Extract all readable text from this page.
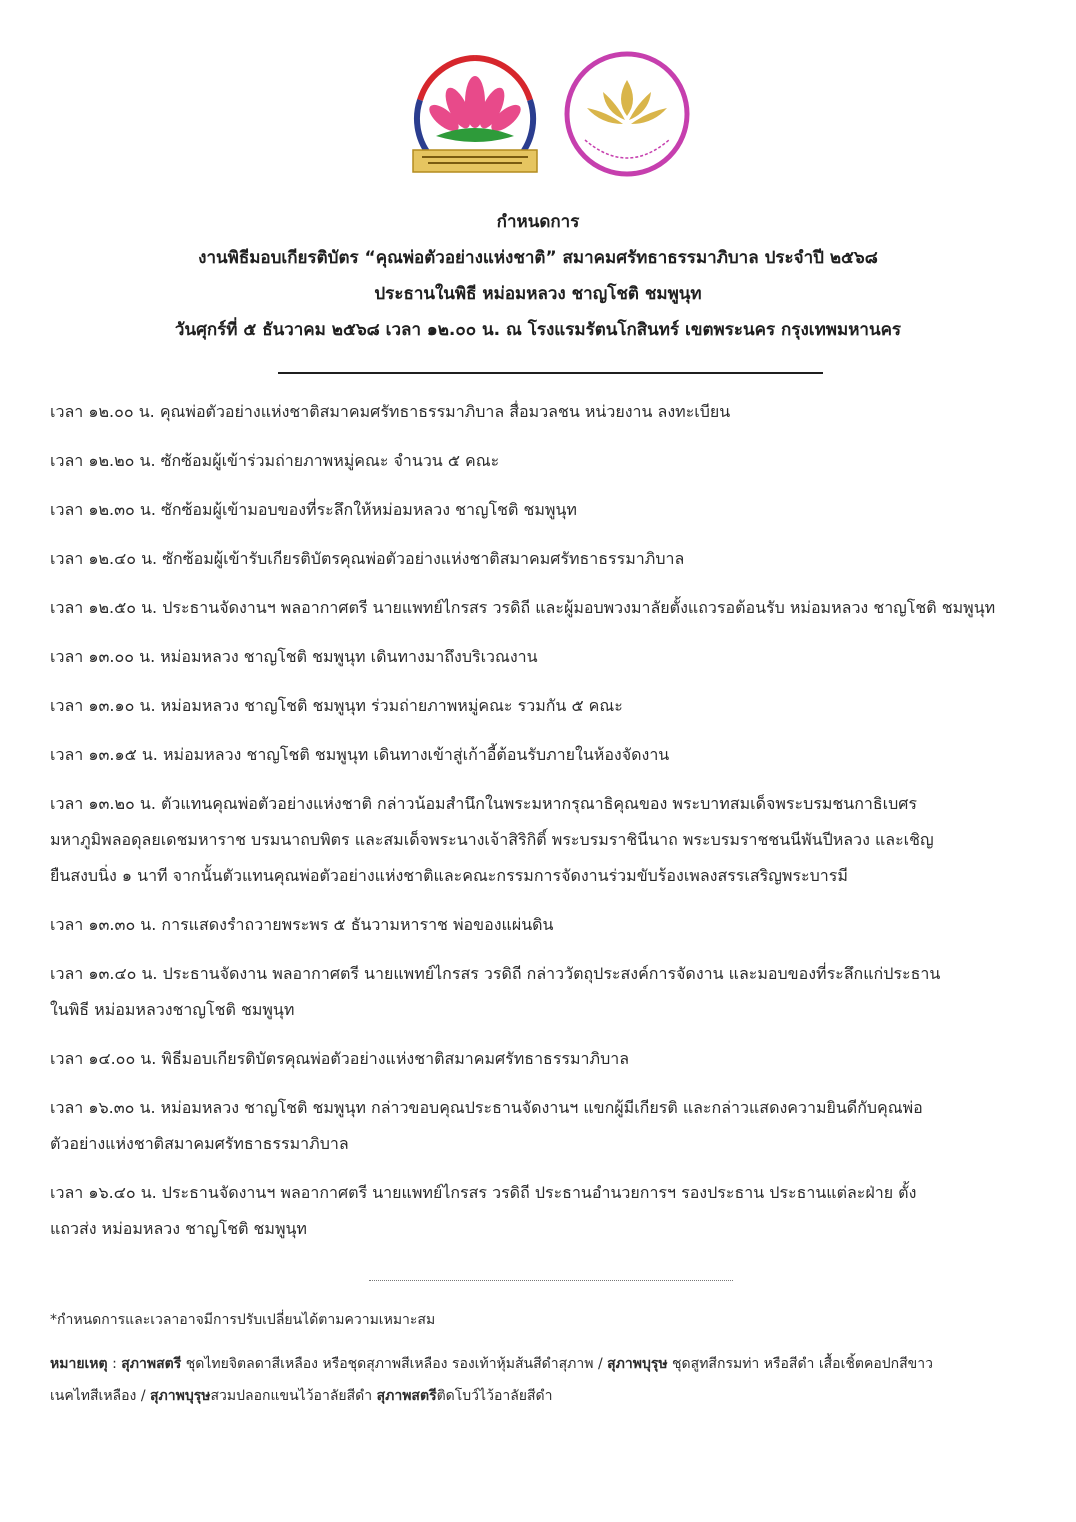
กำหนดการ
งานพิธีมอบเกียรติบัตร “คุณพ่อตัวอย่างแห่งชาติ” สมาคมศรัทธาธรรมาภิบาล ประจำปี ๒๕๖๘
ประธานในพิธี หม่อมหลวง ชาญโชติ ชมพูนุท
วันศุกร์ที่ ๕ ธันวาคม ๒๕๖๘ เวลา ๑๒.๐๐ น. ณ โรงแรมรัตนโกสินทร์ เขตพระนคร กรุงเทพมหานคร
เวลา ๑๒.๐๐ น. คุณพ่อตัวอย่างแห่งชาติสมาคมศรัทธาธรรมาภิบาล สื่อมวลชน หน่วยงาน ลงทะเบียน
เวลา ๑๒.๒๐ น. ซักซ้อมผู้เข้าร่วมถ่ายภาพหมู่คณะ จำนวน ๕ คณะ
เวลา ๑๒.๓๐ น. ซักซ้อมผู้เข้ามอบของที่ระลึกให้หม่อมหลวง ชาญโชติ ชมพูนุท
เวลา ๑๒.๔๐ น. ซักซ้อมผู้เข้ารับเกียรติบัตรคุณพ่อตัวอย่างแห่งชาติสมาคมศรัทธาธรรมาภิบาล
เวลา ๑๒.๕๐ น. ประธานจัดงานฯ พลอากาศตรี นายแพทย์ไกรสร วรดิถี และผู้มอบพวงมาลัยตั้งแถวรอต้อนรับ หม่อมหลวง ชาญโชติ ชมพูนุท
เวลา ๑๓.๐๐ น. หม่อมหลวง ชาญโชติ ชมพูนุท เดินทางมาถึงบริเวณงาน
เวลา ๑๓.๑๐ น. หม่อมหลวง ชาญโชติ ชมพูนุท ร่วมถ่ายภาพหมู่คณะ รวมกัน ๕ คณะ
เวลา ๑๓.๑๕ น. หม่อมหลวง ชาญโชติ ชมพูนุท เดินทางเข้าสู่เก้าอี้ต้อนรับภายในห้องจัดงาน
เวลา ๑๓.๒๐ น. ตัวแทนคุณพ่อตัวอย่างแห่งชาติ กล่าวน้อมสำนึกในพระมหากรุณาธิคุณของ พระบาทสมเด็จพระบรมชนกาธิเบศร
มหาภูมิพลอดุลยเดชมหาราช บรมนาถบพิตร และสมเด็จพระนางเจ้าสิริกิติ์ พระบรมราชินีนาถ พระบรมราชชนนีพันปีหลวง และเชิญ
ยืนสงบนิ่ง ๑ นาที จากนั้นตัวแทนคุณพ่อตัวอย่างแห่งชาติและคณะกรรมการจัดงานร่วมขับร้องเพลงสรรเสริญพระบารมี
เวลา ๑๓.๓๐ น. การแสดงรำถวายพระพร ๕ ธันวามหาราช พ่อของแผ่นดิน
เวลา ๑๓.๔๐ น. ประธานจัดงาน พลอากาศตรี นายแพทย์ไกรสร วรดิถี กล่าววัตถุประสงค์การจัดงาน และมอบของที่ระลึกแก่ประธาน
ในพิธี หม่อมหลวงชาญโชติ ชมพูนุท
เวลา ๑๔.๐๐ น. พิธีมอบเกียรติบัตรคุณพ่อตัวอย่างแห่งชาติสมาคมศรัทธาธรรมาภิบาล
เวลา ๑๖.๓๐ น. หม่อมหลวง ชาญโชติ ชมพูนุท กล่าวขอบคุณประธานจัดงานฯ แขกผู้มีเกียรติ และกล่าวแสดงความยินดีกับคุณพ่อ
ตัวอย่างแห่งชาติสมาคมศรัทธาธรรมาภิบาล
เวลา ๑๖.๔๐ น. ประธานจัดงานฯ พลอากาศตรี นายแพทย์ไกรสร วรดิถี ประธานอำนวยการฯ รองประธาน ประธานแต่ละฝ่าย ตั้ง
แถวส่ง หม่อมหลวง ชาญโชติ ชมพูนุท
*กำหนดการและเวลาอาจมีการปรับเปลี่ยนได้ตามความเหมาะสม
หมายเหตุ : สุภาพสตรี ชุดไทยจิตลดาสีเหลือง หรือชุดสุภาพสีเหลือง รองเท้าหุ้มส้นสีดำสุภาพ / สุภาพบุรุษ ชุดสูทสีกรมท่า หรือสีดำ เสื้อเชิ้ตคอปกสีขาว
เนคไทสีเหลือง / สุภาพบุรุษสวมปลอกแขนไว้อาลัยสีดำ สุภาพสตรีติดโบว์ไว้อาลัยสีดำ
